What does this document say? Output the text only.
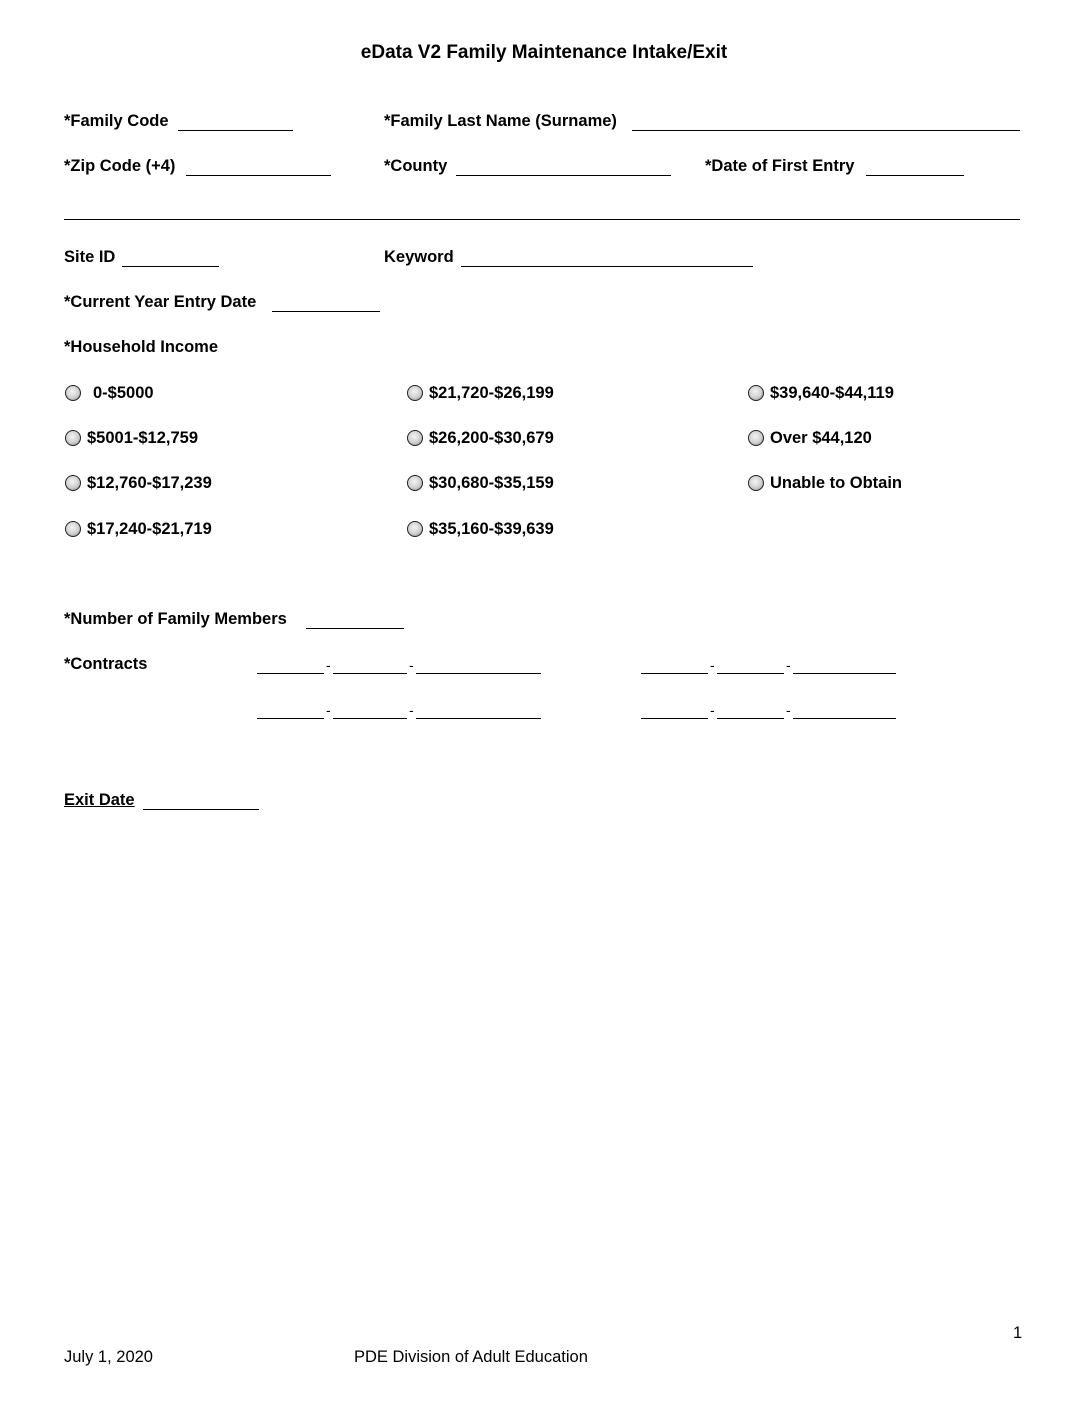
eData V2 Family Maintenance Intake/Exit
*Family Code	*Family Last Name (Surname)
*Zip Code (+4)	*County	*Date of First Entry
Site ID	Keyword
*Current Year Entry Date
*Household Income
0-$5000
$5001-$12,759
$12,760-$17,239
$17,240-$21,719
$21,720-$26,199
$26,200-$30,679
$30,680-$35,159
$35,160-$39,639
$39,640-$44,119
Over $44,120
Unable to Obtain
*Number of Family Members
*Contracts	-	-	-	-
-	-	-	-
Exit Date
1
July 1, 2020	PDE Division of Adult Education
